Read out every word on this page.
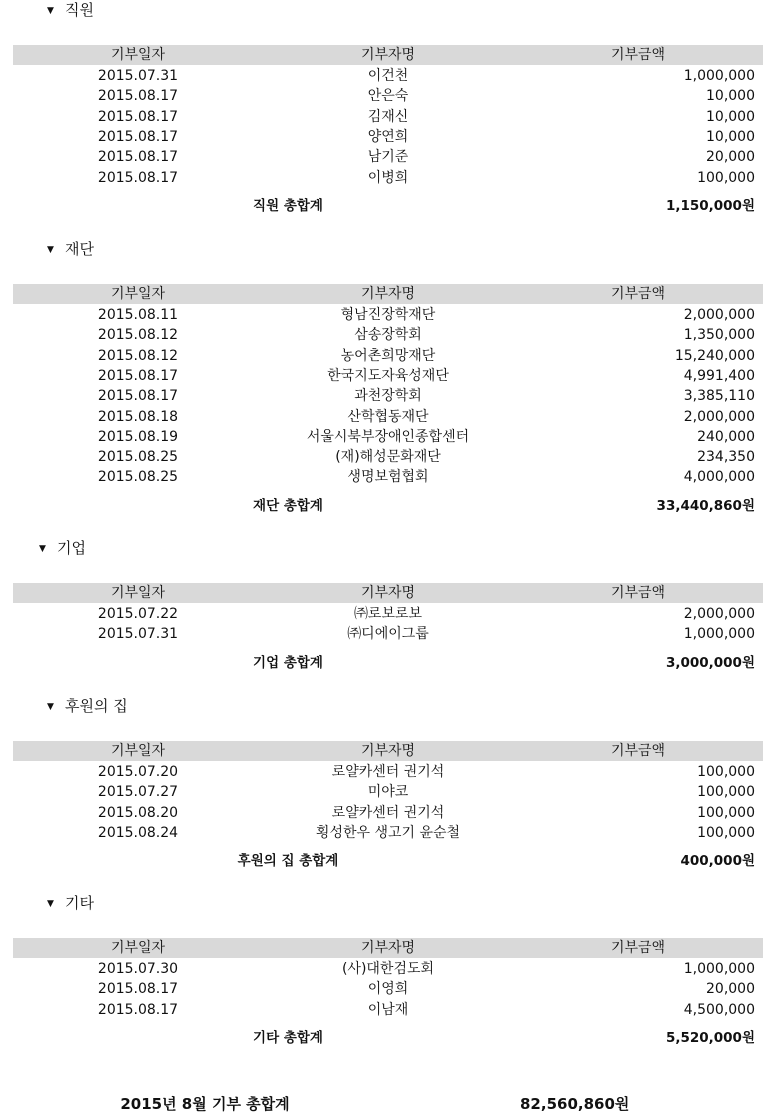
▼ 직원
기부일자	기부자명	기부금액
2015.07.31	이건천	1,000,000
2015.08.17	안은숙	10,000
2015.08.17	김재신	10,000
2015.08.17	양연희	10,000
2015.08.17	남기준	20,000
2015.08.17	이병희	100,000
직원 총합계	1,150,000원
▼ 재단
기부일자	기부자명	기부금액
2015.08.11	형남진장학재단	2,000,000
2015.08.12	삼송장학회	1,350,000
2015.08.12	농어촌희망재단	15,240,000
2015.08.17	한국지도자육성재단	4,991,400
2015.08.17	과천장학회	3,385,110
2015.08.18	산학협동재단	2,000,000
2015.08.19	서울시북부장애인종합센터	240,000
2015.08.25	(재)해성문화재단	234,350
2015.08.25	생명보험협회	4,000,000
재단 총합계	33,440,860원
▼ 기업
기부일자	기부자명	기부금액
2015.07.22	㈜로보로보	2,000,000
2015.07.31	㈜디에이그룹	1,000,000
기업 총합계	3,000,000원
▼ 후원의 집
기부일자	기부자명	기부금액
2015.07.20	로얄카센터 권기석	100,000
2015.07.27	미야코	100,000
2015.08.20	로얄카센터 권기석	100,000
2015.08.24	횡성한우 생고기 윤순철	100,000
후원의 집 총합계	400,000원
▼ 기타
기부일자	기부자명	기부금액
2015.07.30	(사)대한검도회	1,000,000
2015.08.17	이영희	20,000
2015.08.17	이남재	4,500,000
기타 총합계	5,520,000원
2015년 8월 기부 총합계	82,560,860원
